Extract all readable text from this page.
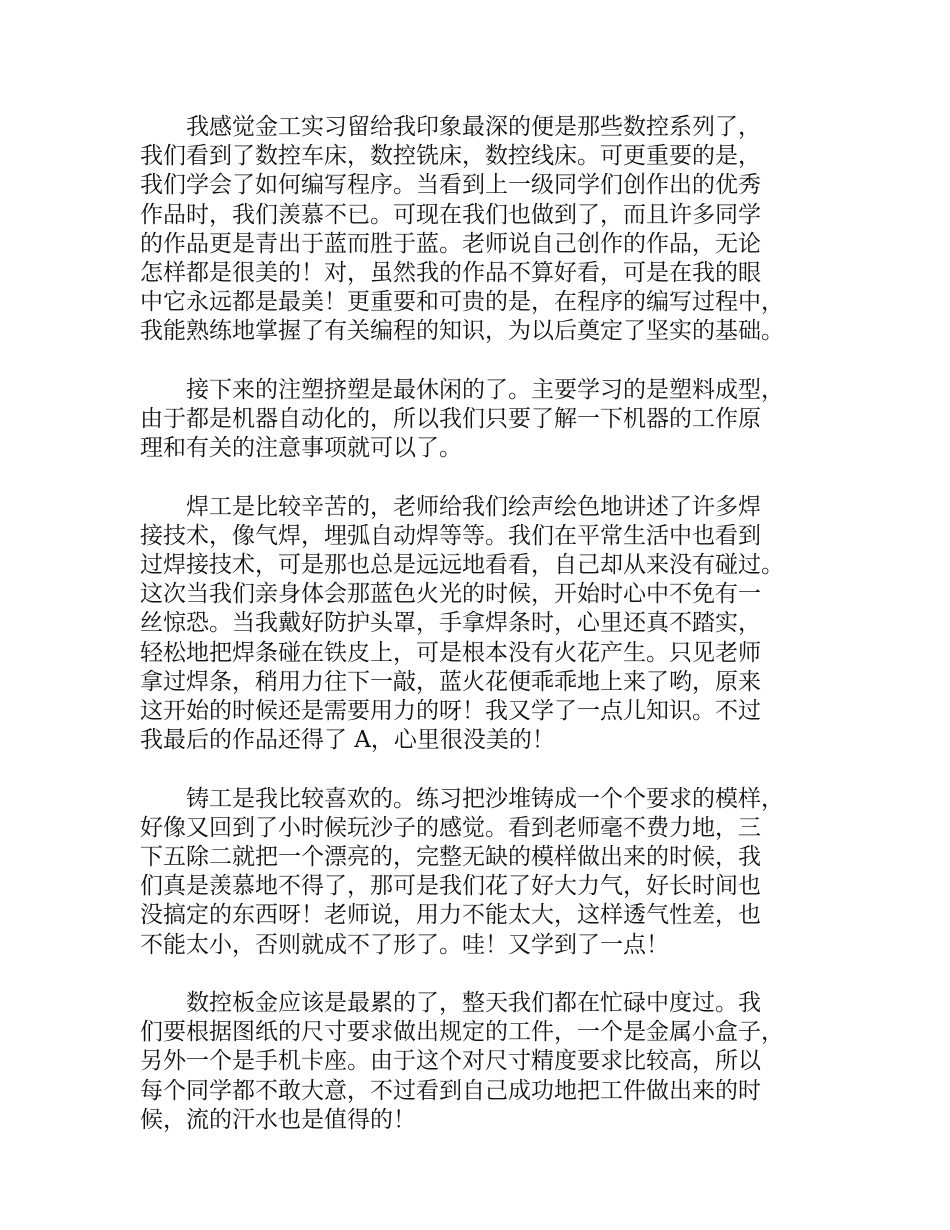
我感觉金工实习留给我印象最深的便是那些数控系列了，
我们看到了数控车床，数控铣床，数控线床。可更重要的是，
我们学会了如何编写程序。当看到上一级同学们创作出的优秀
作品时，我们羡慕不已。可现在我们也做到了，而且许多同学
的作品更是青出于蓝而胜于蓝。老师说自己创作的作品，无论
怎样都是很美的！对，虽然我的作品不算好看，可是在我的眼
中它永远都是最美！更重要和可贵的是，在程序的编写过程中，
我能熟练地掌握了有关编程的知识，为以后奠定了坚实的基础。

接下来的注塑挤塑是最休闲的了。主要学习的是塑料成型，
由于都是机器自动化的，所以我们只要了解一下机器的工作原
理和有关的注意事项就可以了。

焊工是比较辛苦的，老师给我们绘声绘色地讲述了许多焊
接技术，像气焊，埋弧自动焊等等。我们在平常生活中也看到
过焊接技术，可是那也总是远远地看看，自己却从来没有碰过。
这次当我们亲身体会那蓝色火光的时候，开始时心中不免有一
丝惊恐。当我戴好防护头罩，手拿焊条时，心里还真不踏实，
轻松地把焊条碰在铁皮上，可是根本没有火花产生。只见老师
拿过焊条，稍用力往下一敲，蓝火花便乖乖地上来了哟，原来
这开始的时候还是需要用力的呀！我又学了一点儿知识。不过
我最后的作品还得了 A，心里很没美的！

铸工是我比较喜欢的。练习把沙堆铸成一个个要求的模样，
好像又回到了小时候玩沙子的感觉。看到老师毫不费力地，三
下五除二就把一个漂亮的，完整无缺的模样做出来的时候，我
们真是羡慕地不得了，那可是我们花了好大力气，好长时间也
没搞定的东西呀！老师说，用力不能太大，这样透气性差，也
不能太小，否则就成不了形了。哇！又学到了一点！

数控板金应该是最累的了，整天我们都在忙碌中度过。我
们要根据图纸的尺寸要求做出规定的工件，一个是金属小盒子，
另外一个是手机卡座。由于这个对尺寸精度要求比较高，所以
每个同学都不敢大意，不过看到自己成功地把工件做出来的时
候，流的汗水也是值得的！
